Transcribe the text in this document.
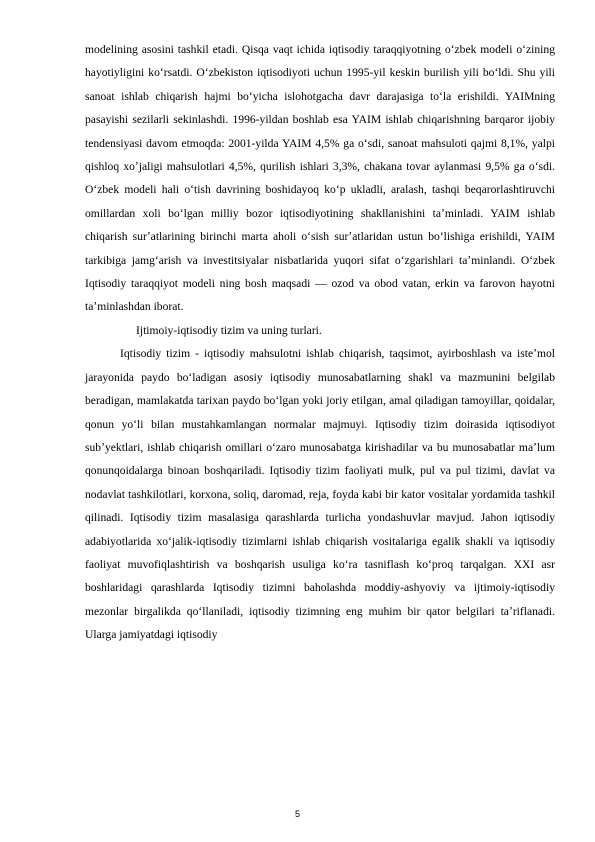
modelining asosini tashkil etadi. Qisqa vaqt ichida iqtisodiy taraqqiyotning oʻzbek modeli oʻzining hayotiyligini koʻrsatdi. Oʻzbekiston iqtisodiyoti uchun 1995-yil keskin burilish yili boʻldi. Shu yili sanoat ishlab chiqarish hajmi boʻyicha islohotgacha davr darajasiga toʻla erishildi. YAIMning pasayishi sezilarli sekinlashdi. 1996-yildan boshlab esa YAIM ishlab chiqarishning barqaror ijobiy tendensiyasi davom etmoqda: 2001-yilda YAIM 4,5% ga oʻsdi, sanoat mahsuloti qajmi 8,1%, yalpi qishloq xoʼjaligi mahsulotlari 4,5%, qurilish ishlari 3,3%, chakana tovar aylanmasi 9,5% ga oʻsdi. Oʻzbek modeli hali oʻtish davrining boshidayoq koʻp ukladli, aralash, tashqi beqarorlashtiruvchi omillardan xoli boʻlgan milliy bozor iqtisodiyotining shakllanishini taʼminladi. YAIM ishlab chiqarish surʼatlarining birinchi marta aholi oʻsish surʼatlaridan ustun boʻlishiga erishildi, YAIM tarkibiga jamgʻarish va investitsiyalar nisbatlarida yuqori sifat oʻzgarishlari taʼminlandi. Oʻzbek Iqtisodiy taraqqiyot modeli ning bosh maqsadi — ozod va obod vatan, erkin va farovon hayotni taʼminlashdan iborat.

Ijtimoiy-iqtisodiy tizim va uning turlari.

Iqtisodiy tizim - iqtisodiy mahsulotni ishlab chiqarish, taqsimot, ayirboshlash va isteʼmol jarayonida paydo boʻladigan asosiy iqtisodiy munosabatlarning shakl va mazmunini belgilab beradigan, mamlakatda tarixan paydo boʻlgan yoki joriy etilgan, amal qiladigan tamoyillar, qoidalar, qonun yoʻli bilan mustahkamlangan normalar majmuyi. Iqtisodiy tizim doirasida iqtisodiyot subʼyektlari, ishlab chiqarish omillari oʻzaro munosabatga kirishadilar va bu munosabatlar maʼlum qonunqoidalarga binoan boshqariladi. Iqtisodiy tizim faoliyati mulk, pul va pul tizimi, davlat va nodavlat tashkilotlari, korxona, soliq, daromad, reja, foyda kabi bir kator vositalar yordamida tashkil qilinadi. Iqtisodiy tizim masalasiga qarashlarda turlicha yondashuvlar mavjud. Jahon iqtisodiy adabiyotlarida xoʻjalik-iqtisodiy tizimlarni ishlab chiqarish vositalariga egalik shakli va iqtisodiy faoliyat muvofiqlashtirish va boshqarish usuliga koʻra tasniflash koʻproq tarqalgan. XXI asr boshlaridagi qarashlarda Iqtisodiy tizimni baholashda moddiy-ashyoviy va ijtimoiy-iqtisodiy mezonlar birgalikda qoʻllaniladi, iqtisodiy tizimning eng muhim bir qator belgilari taʼriflanadi. Ularga jamiyatdagi iqtisodiy

5
